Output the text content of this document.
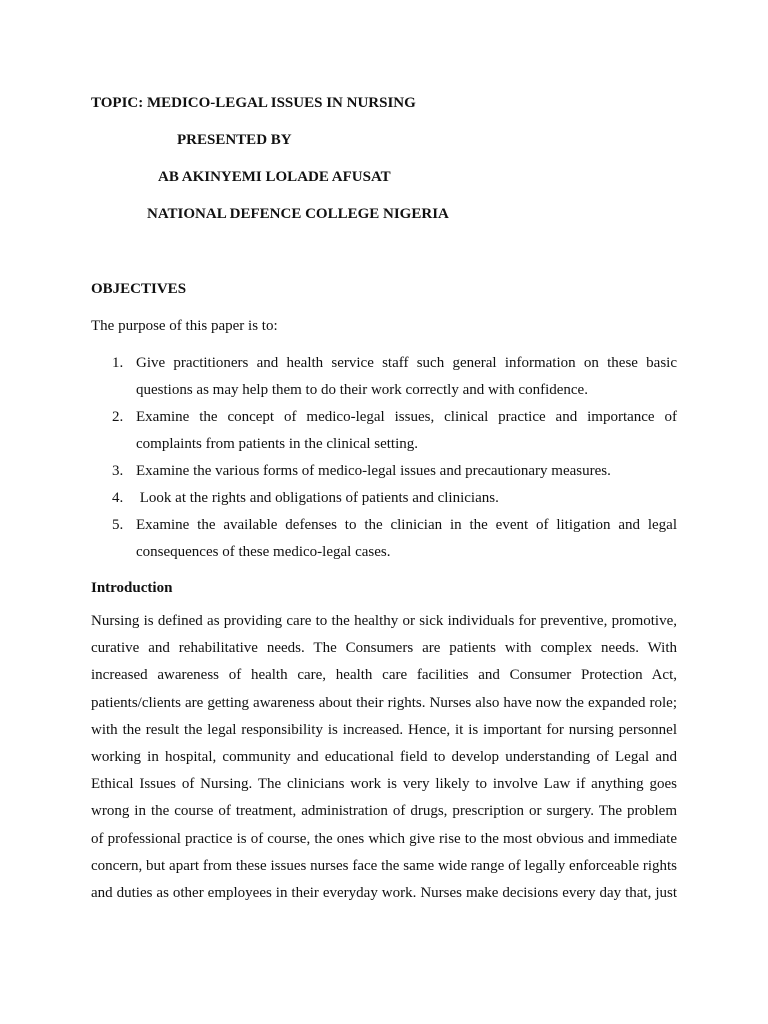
TOPIC: MEDICO-LEGAL ISSUES IN NURSING
PRESENTED BY
AB AKINYEMI LOLADE AFUSAT
NATIONAL DEFENCE COLLEGE NIGERIA
OBJECTIVES
The purpose of this paper is to:
1. Give practitioners and health service staff such general information on these basic questions as may help them to do their work correctly and with confidence.
2. Examine the concept of medico-legal issues, clinical practice and importance of complaints from patients in the clinical setting.
3. Examine the various forms of medico-legal issues and precautionary measures.
4. Look at the rights and obligations of patients and clinicians.
5. Examine the available defenses to the clinician in the event of litigation and legal consequences of these medico-legal cases.
Introduction

Nursing is defined as providing care to the healthy or sick individuals for preventive, promotive, curative and rehabilitative needs. The Consumers are patients with complex needs. With increased awareness of health care, health care facilities and Consumer Protection Act, patients/clients are getting awareness about their rights. Nurses also have now the expanded role; with the result the legal responsibility is increased. Hence, it is important for nursing personnel working in hospital, community and educational field to develop understanding of Legal and Ethical Issues of Nursing. The clinicians work is very likely to involve Law if anything goes wrong in the course of treatment, administration of drugs, prescription or surgery. The problem of professional practice is of course, the ones which give rise to the most obvious and immediate concern, but apart from these issues nurses face the same wide range of legally enforceable rights and duties as other employees in their everyday work. Nurses make decisions every day that, just
